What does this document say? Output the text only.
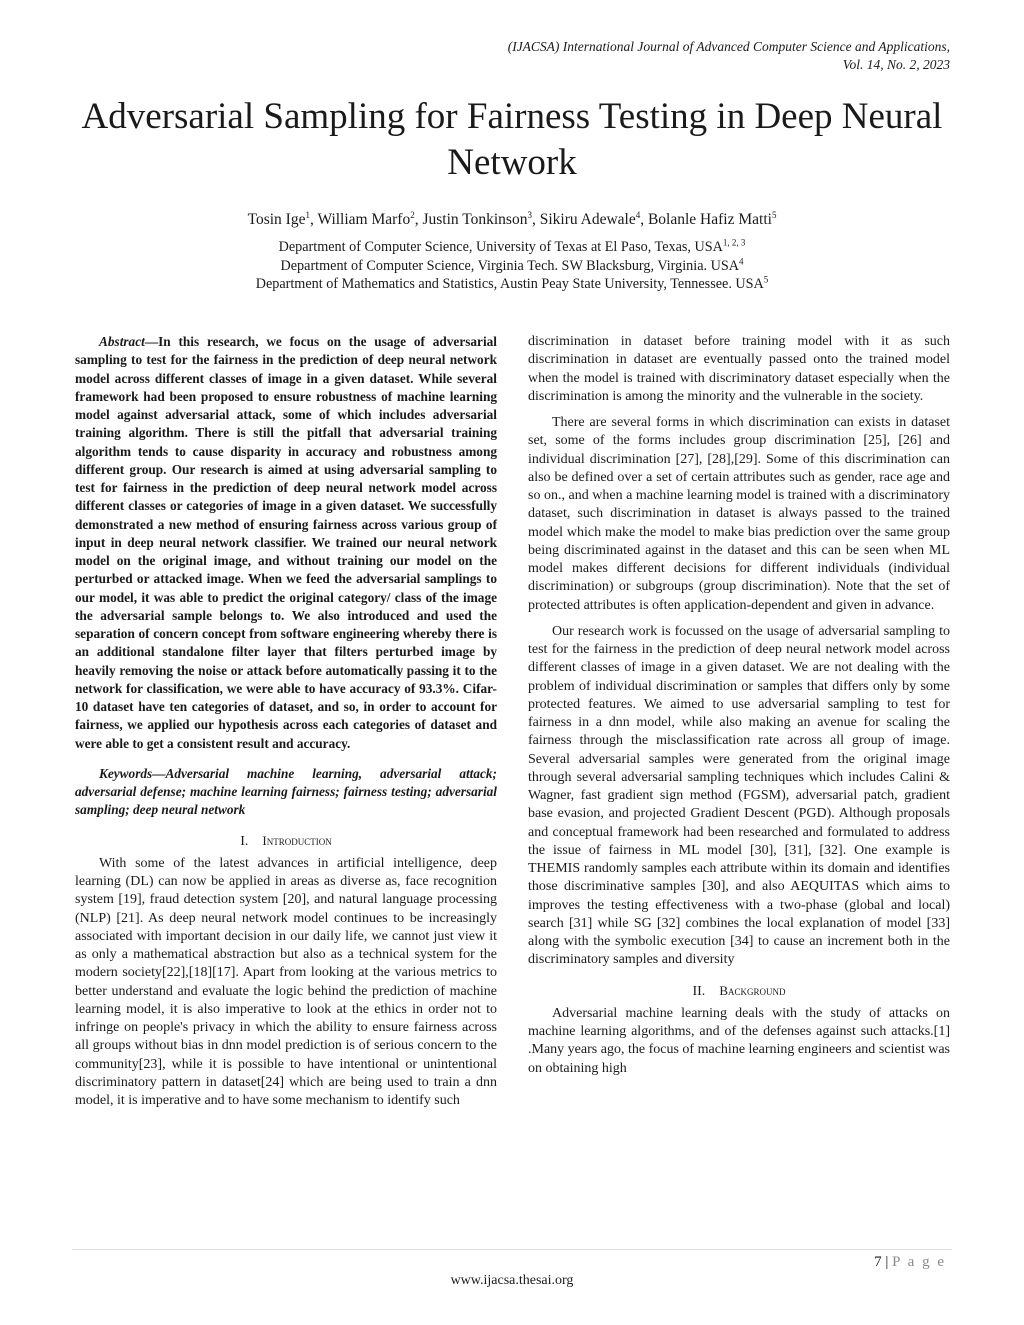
(IJACSA) International Journal of Advanced Computer Science and Applications,
Vol. 14, No. 2, 2023
Adversarial Sampling for Fairness Testing in Deep Neural Network
Tosin Ige$^1$, William Marfo$^2$, Justin Tonkinson$^3$, Sikiru Adewale$^4$, Bolanle Hafiz Matti$^5$
Department of Computer Science, University of Texas at El Paso, Texas, USA$^{1, 2, 3}$
Department of Computer Science, Virginia Tech. SW Blacksburg, Virginia. USA$^4$
Department of Mathematics and Statistics, Austin Peay State University, Tennessee. USA$^5$

Abstract—In this research, we focus on the usage of adversarial sampling to test for the fairness in the prediction of deep neural network model across different classes of image in a given dataset. While several framework had been proposed to ensure robustness of machine learning model against adversarial attack, some of which includes adversarial training algorithm. There is still the pitfall that adversarial training algorithm tends to cause disparity in accuracy and robustness among different group. Our research is aimed at using adversarial sampling to test for fairness in the prediction of deep neural network model across different classes or categories of image in a given dataset. We successfully demonstrated a new method of ensuring fairness across various group of input in deep neural network classifier. We trained our neural network model on the original image, and without training our model on the perturbed or attacked image. When we feed the adversarial samplings to our model, it was able to predict the original category/ class of the image the adversarial sample belongs to. We also introduced and used the separation of concern concept from software engineering whereby there is an additional standalone filter layer that filters perturbed image by heavily removing the noise or attack before automatically passing it to the network for classification, we were able to have accuracy of 93.3%. Cifar-10 dataset have ten categories of dataset, and so, in order to account for fairness, we applied our hypothesis across each categories of dataset and were able to get a consistent result and accuracy.

Keywords—Adversarial machine learning, adversarial attack; adversarial defense; machine learning fairness; fairness testing; adversarial sampling; deep neural network

I. Introduction

With some of the latest advances in artificial intelligence, deep learning (DL) can now be applied in areas as diverse as, face recognition system [19], fraud detection system [20], and natural language processing (NLP) [21]. As deep neural network model continues to be increasingly associated with important decision in our daily life, we cannot just view it as only a mathematical abstraction but also as a technical system for the modern society[22],[18][17]. Apart from looking at the various metrics to better understand and evaluate the logic behind the prediction of machine learning model, it is also imperative to look at the ethics in order not to infringe on people's privacy in which the ability to ensure fairness across all groups without bias in dnn model prediction is of serious concern to the community[23], while it is possible to have intentional or unintentional discriminatory pattern in dataset[24] which are being used to train a dnn model, it is imperative and to have some mechanism to identify such

discrimination in dataset before training model with it as such discrimination in dataset are eventually passed onto the trained model when the model is trained with discriminatory dataset especially when the discrimination is among the minority and the vulnerable in the society.

There are several forms in which discrimination can exists in dataset set, some of the forms includes group discrimination [25], [26] and individual discrimination [27], [28],[29]. Some of this discrimination can also be defined over a set of certain attributes such as gender, race age and so on., and when a machine learning model is trained with a discriminatory dataset, such discrimination in dataset is always passed to the trained model which make the model to make bias prediction over the same group being discriminated against in the dataset and this can be seen when ML model makes different decisions for different individuals (individual discrimination) or subgroups (group discrimination). Note that the set of protected attributes is often application-dependent and given in advance.

Our research work is focussed on the usage of adversarial sampling to test for the fairness in the prediction of deep neural network model across different classes of image in a given dataset. We are not dealing with the problem of individual discrimination or samples that differs only by some protected features. We aimed to use adversarial sampling to test for fairness in a dnn model, while also making an avenue for scaling the fairness through the misclassification rate across all group of image. Several adversarial samples were generated from the original image through several adversarial sampling techniques which includes Calini & Wagner, fast gradient sign method (FGSM), adversarial patch, gradient base evasion, and projected Gradient Descent (PGD). Although proposals and conceptual framework had been researched and formulated to address the issue of fairness in ML model [30], [31], [32]. One example is THEMIS randomly samples each attribute within its domain and identifies those discriminative samples [30], and also AEQUITAS which aims to improves the testing effectiveness with a two-phase (global and local) search [31] while SG [32] combines the local explanation of model [33] along with the symbolic execution [34] to cause an increment both in the discriminatory samples and diversity

II. Background

Adversarial machine learning deals with the study of attacks on machine learning algorithms, and of the defenses against such attacks.[1] .Many years ago, the focus of machine learning engineers and scientist was on obtaining high

7 | P a g e
www.ijacsa.thesai.org
